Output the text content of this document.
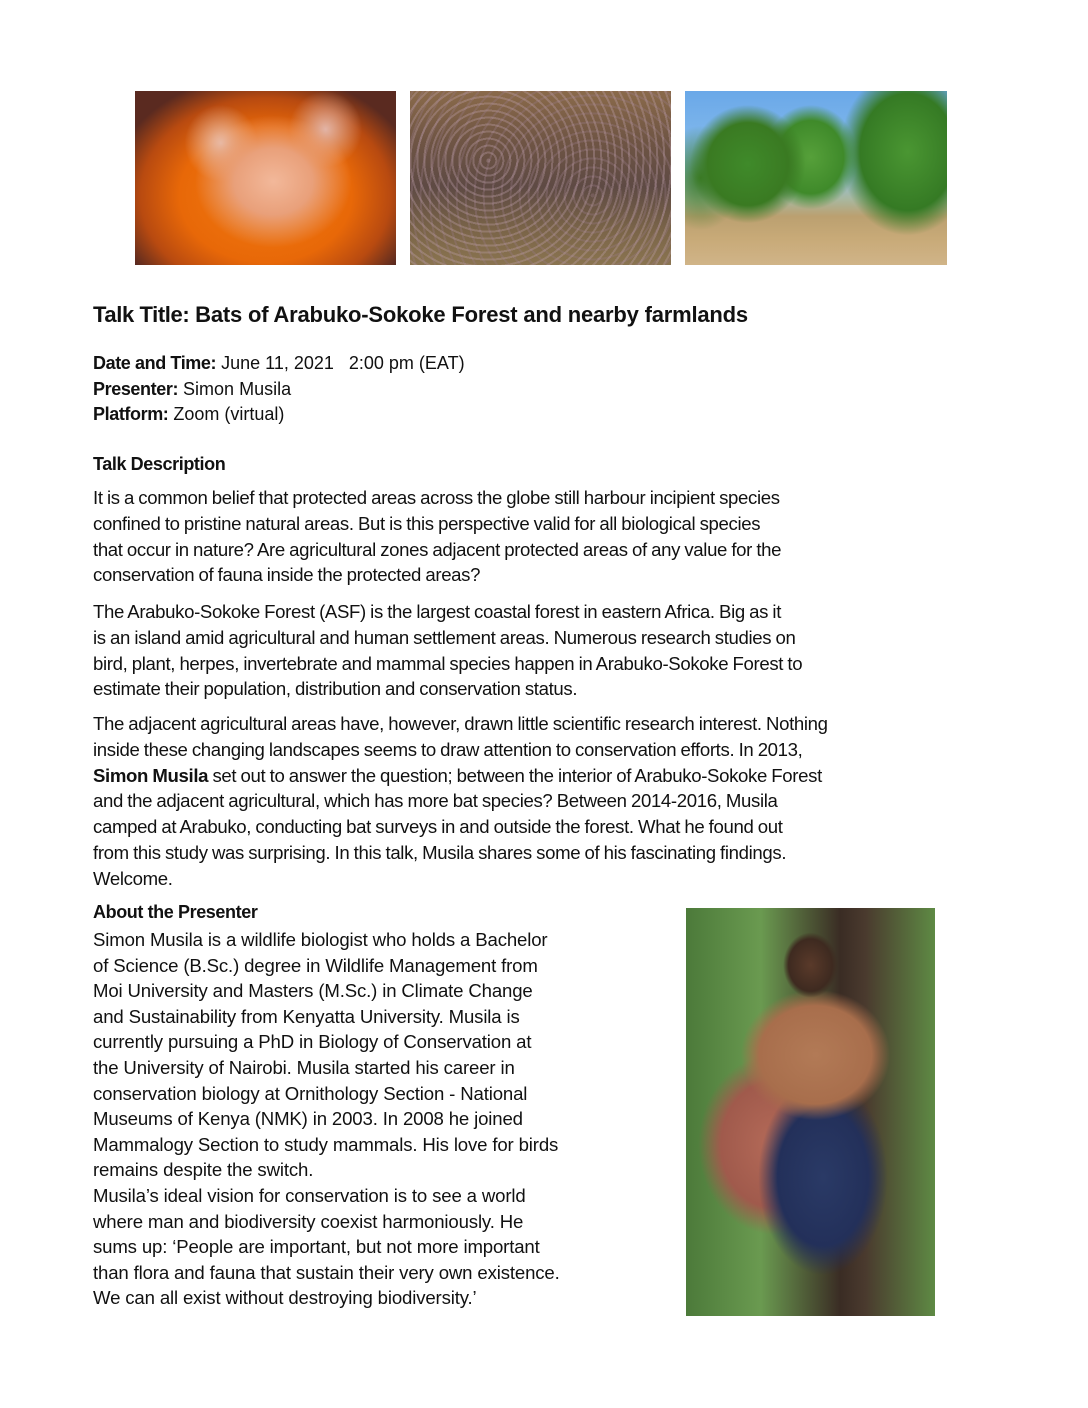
Talk Title: Bats of Arabuko-Sokoke Forest and nearby farmlands
Date and Time: June 11, 2021   2:00 pm (EAT)
Presenter: Simon Musila
Platform: Zoom (virtual)
Talk Description
It is a common belief that protected areas across the globe still harbour incipient species
confined to pristine natural areas. But is this perspective valid for all biological species
that occur in nature? Are agricultural zones adjacent protected areas of any value for the
conservation of fauna inside the protected areas?
The Arabuko-Sokoke Forest (ASF) is the largest coastal forest in eastern Africa. Big as it
is an island amid agricultural and human settlement areas. Numerous research studies on
bird, plant, herpes, invertebrate and mammal species happen in Arabuko-Sokoke Forest to
estimate their population, distribution and conservation status.
The adjacent agricultural areas have, however, drawn little scientific research interest. Nothing
inside these changing landscapes seems to draw attention to conservation efforts. In 2013,
Simon Musila set out to answer the question; between the interior of Arabuko-Sokoke Forest
and the adjacent agricultural, which has more bat species? Between 2014-2016, Musila
camped at Arabuko, conducting bat surveys in and outside the forest. What he found out
from this study was surprising. In this talk, Musila shares some of his fascinating findings.
Welcome.
About the Presenter
Simon Musila is a wildlife biologist who holds a Bachelor
of Science (B.Sc.) degree in Wildlife Management from
Moi University and Masters (M.Sc.) in Climate Change
and Sustainability from Kenyatta University. Musila is
currently pursuing a PhD in Biology of Conservation at
the University of Nairobi. Musila started his career in
conservation biology at Ornithology Section - National
Museums of Kenya (NMK) in 2003. In 2008 he joined
Mammalogy Section to study mammals. His love for birds
remains despite the switch.
Musila’s ideal vision for conservation is to see a world
where man and biodiversity coexist harmoniously. He
sums up: ‘People are important, but not more important
than flora and fauna that sustain their very own existence.
We can all exist without destroying biodiversity.’
